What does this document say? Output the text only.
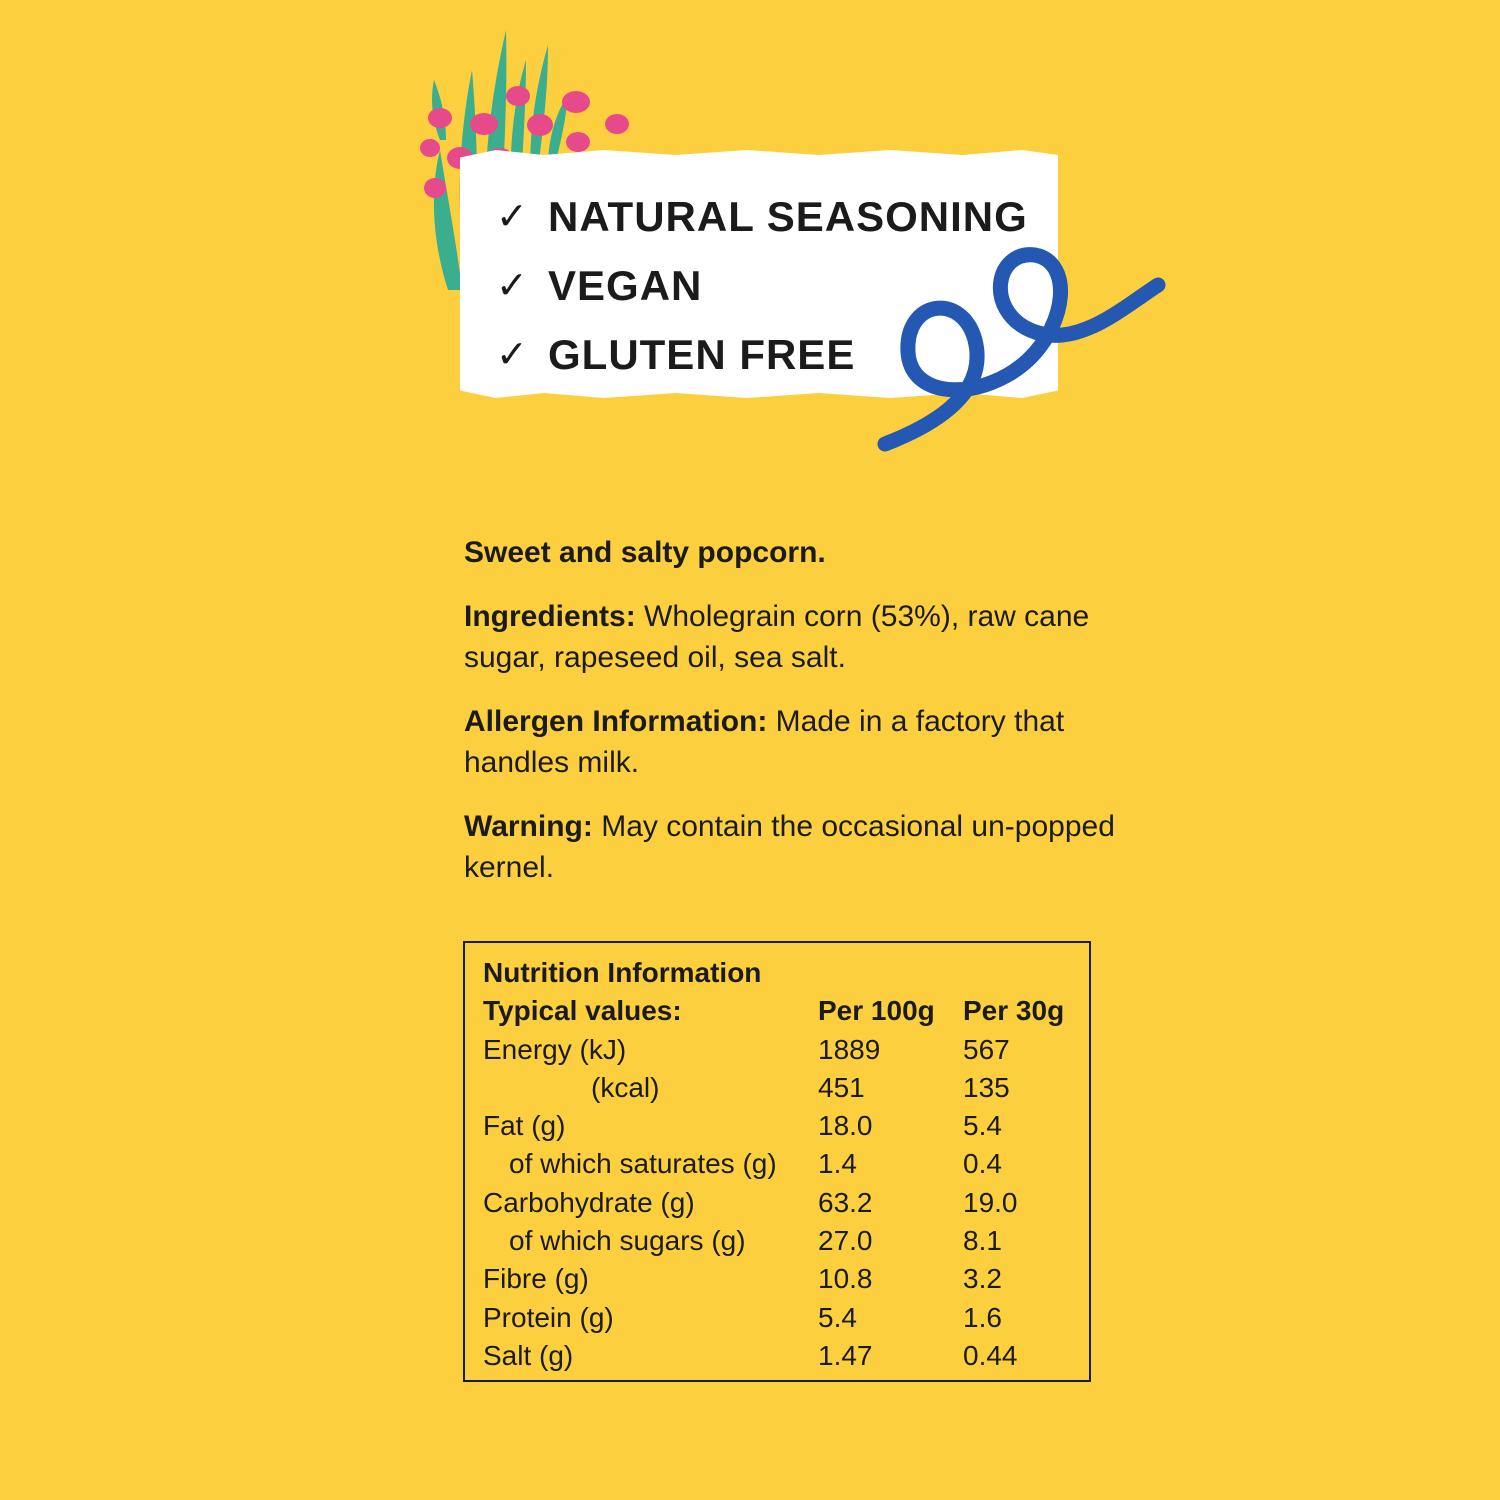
✓ NATURAL SEASONING
✓ VEGAN
✓ GLUTEN FREE

Sweet and salty popcorn.

Ingredients: Wholegrain corn (53%), raw cane sugar, rapeseed oil, sea salt.

Allergen Information: Made in a factory that handles milk.

Warning: May contain the occasional un-popped kernel.

Nutrition Information
Typical values:	Per 100g	Per 30g
Energy (kJ)	1889	567
(kcal)	451	135
Fat (g)	18.0	5.4
of which saturates (g)	1.4	0.4
Carbohydrate (g)	63.2	19.0
of which sugars (g)	27.0	8.1
Fibre (g)	10.8	3.2
Protein (g)	5.4	1.6
Salt (g)	1.47	0.44
